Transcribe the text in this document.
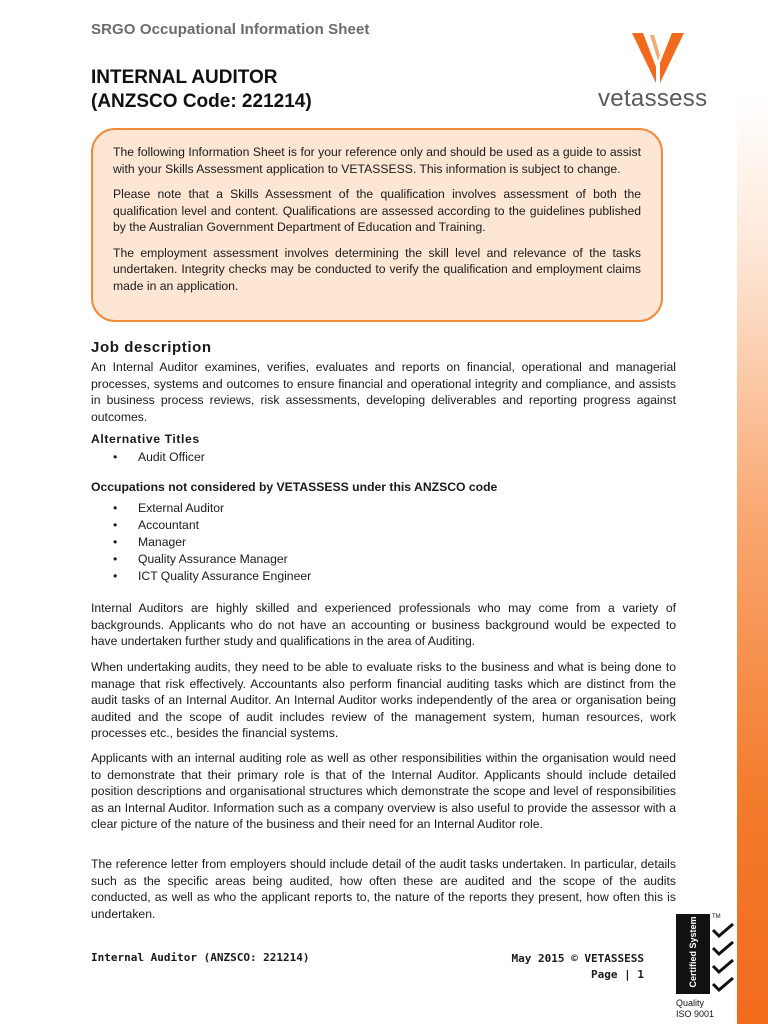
SRGO Occupational Information Sheet
INTERNAL AUDITOR
(ANZSCO Code: 221214)	vetassess

The following Information Sheet is for your reference only and should be used as a guide to assist with your Skills Assessment application to VETASSESS. This information is subject to change.

Please note that a Skills Assessment of the qualification involves assessment of both the qualification level and content. Qualifications are assessed according to the guidelines published by the Australian Government Department of Education and Training.

The employment assessment involves determining the skill level and relevance of the tasks undertaken. Integrity checks may be conducted to verify the qualification and employment claims made in an application.

Job description

An Internal Auditor examines, verifies, evaluates and reports on financial, operational and managerial processes, systems and outcomes to ensure financial and operational integrity and compliance, and assists in business process reviews, risk assessments, developing deliverables and reporting progress against outcomes.

Alternative Titles
• Audit Officer
Occupations not considered by VETASSESS under this ANZSCO code
• External Auditor
• Accountant
• Manager
• Quality Assurance Manager
• ICT Quality Assurance Engineer

Internal Auditors are highly skilled and experienced professionals who may come from a variety of backgrounds. Applicants who do not have an accounting or business background would be expected to have undertaken further study and qualifications in the area of Auditing.

When undertaking audits, they need to be able to evaluate risks to the business and what is being done to manage that risk effectively. Accountants also perform financial auditing tasks which are distinct from the audit tasks of an Internal Auditor. An Internal Auditor works independently of the area or organisation being audited and the scope of audit includes review of the management system, human resources, work processes etc., besides the financial systems.

Applicants with an internal auditing role as well as other responsibilities within the organisation would need to demonstrate that their primary role is that of the Internal Auditor. Applicants should include detailed position descriptions and organisational structures which demonstrate the scope and level of responsibilities as an Internal Auditor. Information such as a company overview is also useful to provide the assessor with a clear picture of the nature of the business and their need for an Internal Auditor role.

The reference letter from employers should include detail of the audit tasks undertaken. In particular, details such as the specific areas being audited, how often these are audited and the scope of the audits conducted, as well as who the applicant reports to, the nature of the reports they present, how often this is undertaken.

Internal Auditor (ANZSCO: 221214)	May 2015 © VETASSESS
Page | 1	Certified System	TM
Quality
ISO 9001
